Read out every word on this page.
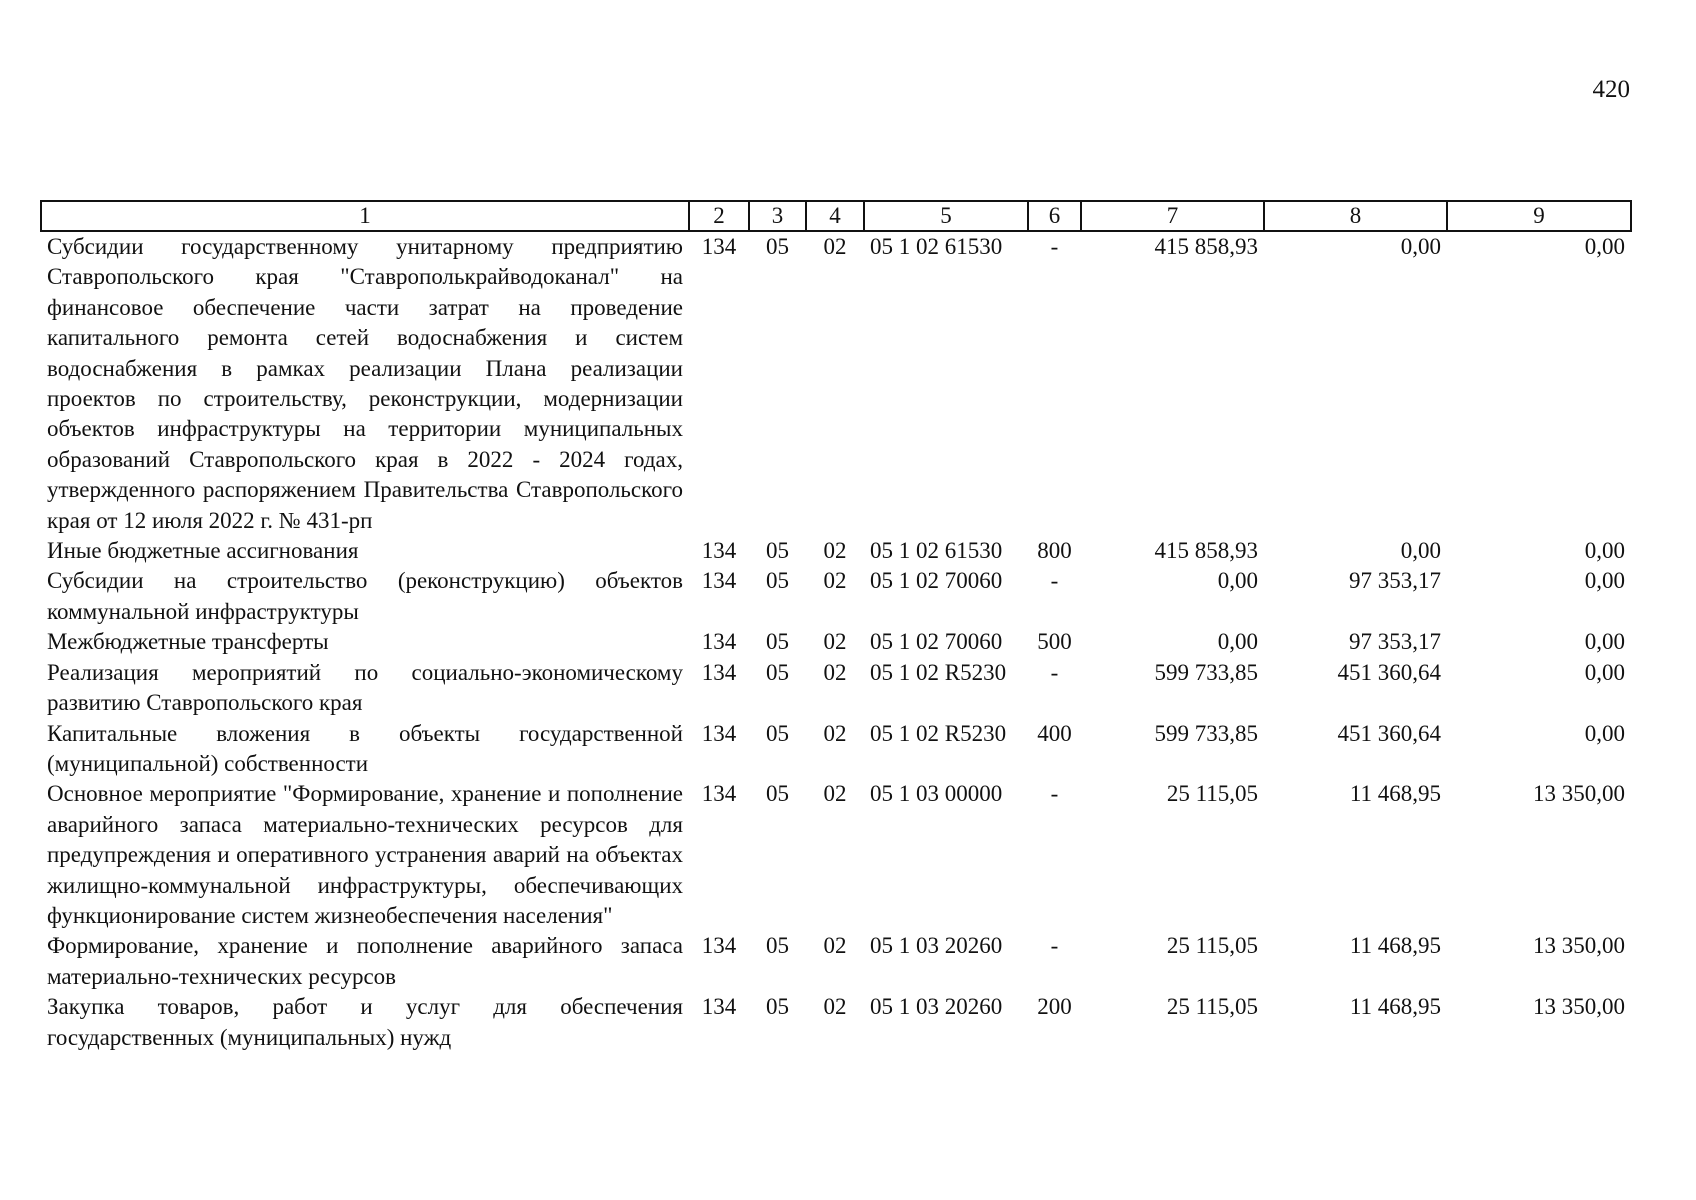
420
1	2	3	4	5	6	7	8	9
Субсидии государственному унитарному предприятию Ставропольского края "Ставрополькрайводоканал" на финансовое обеспечение части затрат на проведение капитального ремонта сетей водоснабжения и систем водоснабжения в рамках реализации Плана реализации проектов по строительству, реконструкции, модернизации объектов инфраструктуры на территории муниципальных образований Ставропольского края в 2022 - 2024 годах, утвержденного распоряжением Правительства Ставропольского края от 12 июля 2022 г. № 431-рп	134	05	02	05 1 02 61530	-	415 858,93	0,00	0,00
Иные бюджетные ассигнования	134	05	02	05 1 02 61530	800	415 858,93	0,00	0,00
Субсидии на строительство (реконструкцию) объектов коммунальной инфраструктуры	134	05	02	05 1 02 70060	-	0,00	97 353,17	0,00
Межбюджетные трансферты	134	05	02	05 1 02 70060	500	0,00	97 353,17	0,00
Реализация мероприятий по социально-экономическому развитию Ставропольского края	134	05	02	05 1 02 R5230	-	599 733,85	451 360,64	0,00
Капитальные вложения в объекты государственной (муниципальной) собственности	134	05	02	05 1 02 R5230	400	599 733,85	451 360,64	0,00
Основное мероприятие "Формирование, хранение и пополнение аварийного запаса материально-технических ресурсов для предупреждения и оперативного устранения аварий на объектах жилищно-коммунальной инфраструктуры, обеспечивающих функционирование систем жизнеобеспечения населения"	134	05	02	05 1 03 00000	-	25 115,05	11 468,95	13 350,00
Формирование, хранение и пополнение аварийного запаса материально-технических ресурсов	134	05	02	05 1 03 20260	-	25 115,05	11 468,95	13 350,00
Закупка товаров, работ и услуг для обеспечения государственных (муниципальных) нужд	134	05	02	05 1 03 20260	200	25 115,05	11 468,95	13 350,00
